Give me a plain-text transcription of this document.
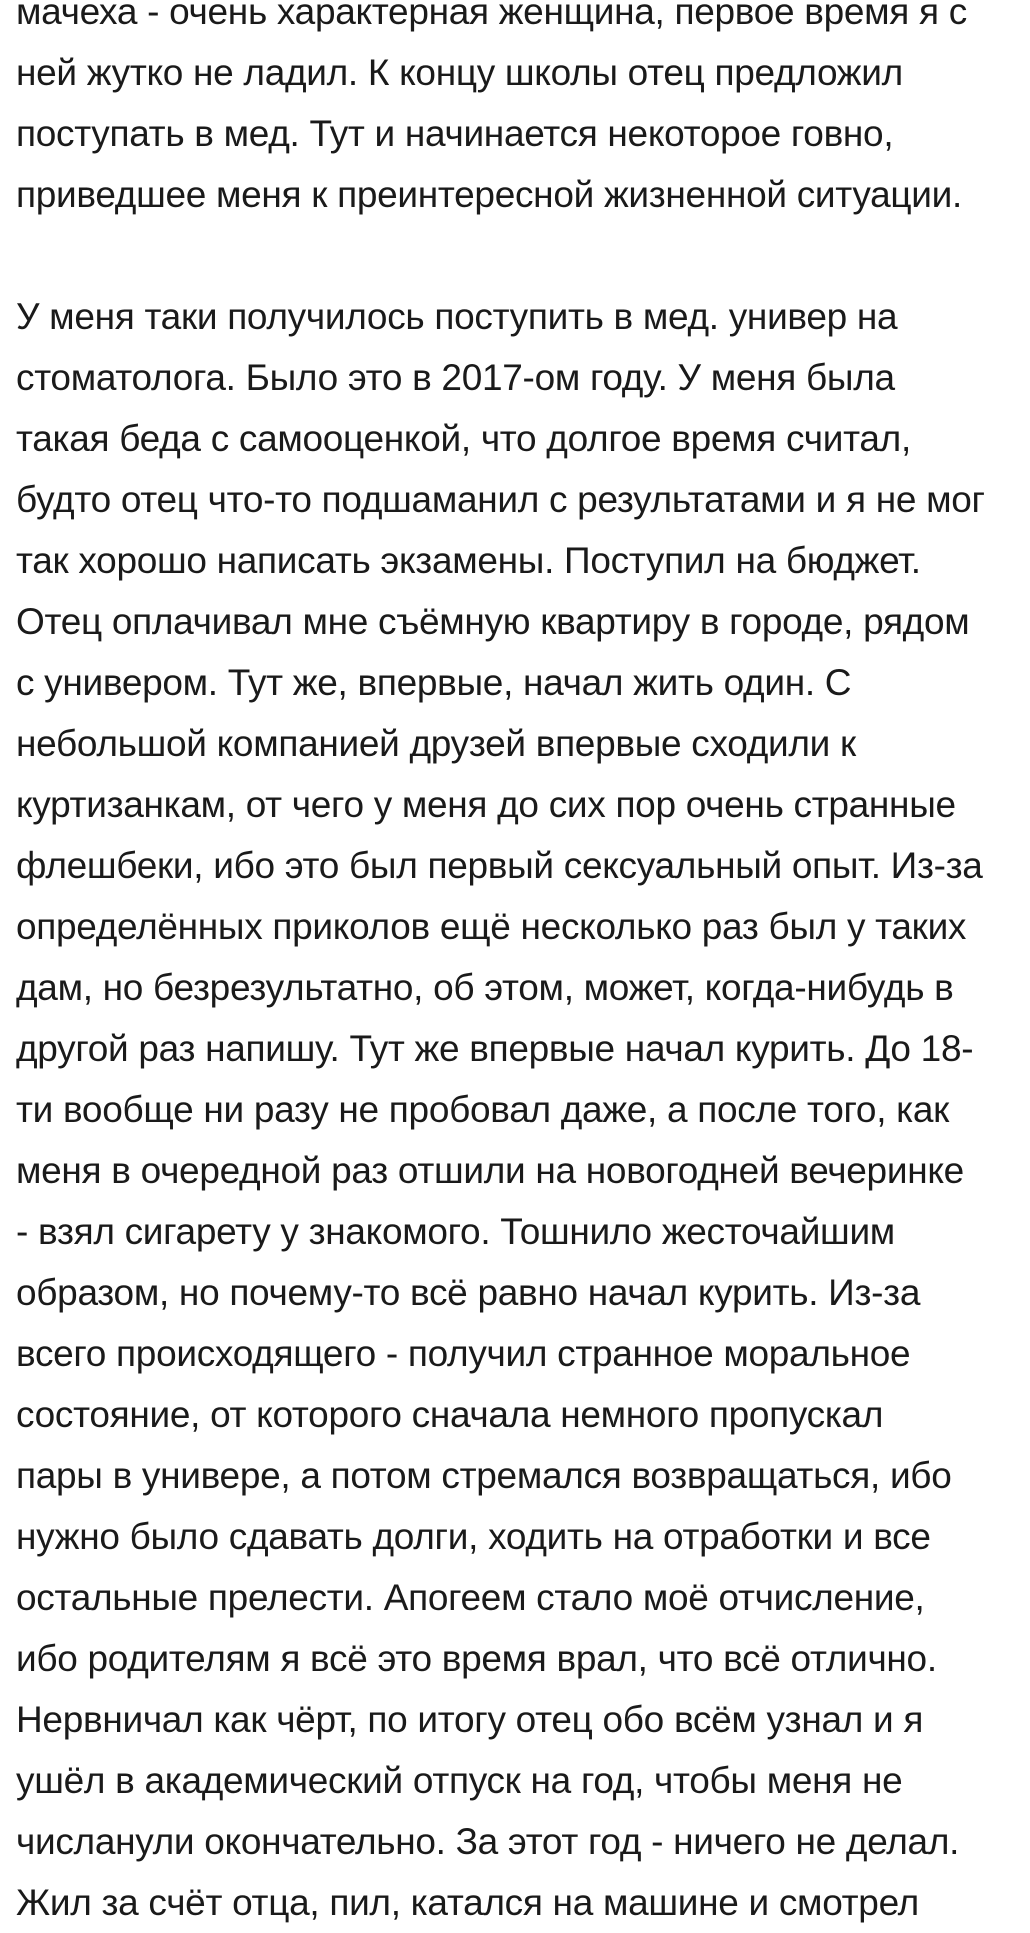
мачеха - очень характерная женщина, первое время я с
ней жутко не ладил. К концу школы отец предложил
поступать в мед. Тут и начинается некоторое говно,
приведшее меня к преинтересной жизненной ситуации.
У меня таки получилось поступить в мед. универ на
стоматолога. Было это в 2017-ом году. У меня была
такая беда с самооценкой, что долгое время считал,
будто отец что-то подшаманил с результатами и я не мог
так хорошо написать экзамены. Поступил на бюджет.
Отец оплачивал мне съёмную квартиру в городе, рядом
с универом. Тут же, впервые, начал жить один. С
небольшой компанией друзей впервые сходили к
куртизанкам, от чего у меня до сих пор очень странные
флешбеки, ибо это был первый сексуальный опыт. Из-за
определённых приколов ещё несколько раз был у таких
дам, но безрезультатно, об этом, может, когда-нибудь в
другой раз напишу. Тут же впервые начал курить. До 18-
ти вообще ни разу не пробовал даже, а после того, как
меня в очередной раз отшили на новогодней вечеринке
- взял сигарету у знакомого. Тошнило жесточайшим
образом, но почему-то всё равно начал курить. Из-за
всего происходящего - получил странное моральное
состояние, от которого сначала немного пропускал
пары в универе, а потом стремался возвращаться, ибо
нужно было сдавать долги, ходить на отработки и все
остальные прелести. Апогеем стало моё отчисление,
ибо родителям я всё это время врал, что всё отлично.
Нервничал как чёрт, по итогу отец обо всём узнал и я
ушёл в академический отпуск на год, чтобы меня не
числанули окончательно. За этот год - ничего не делал.
Жил за счёт отца, пил, катался на машине и смотрел
